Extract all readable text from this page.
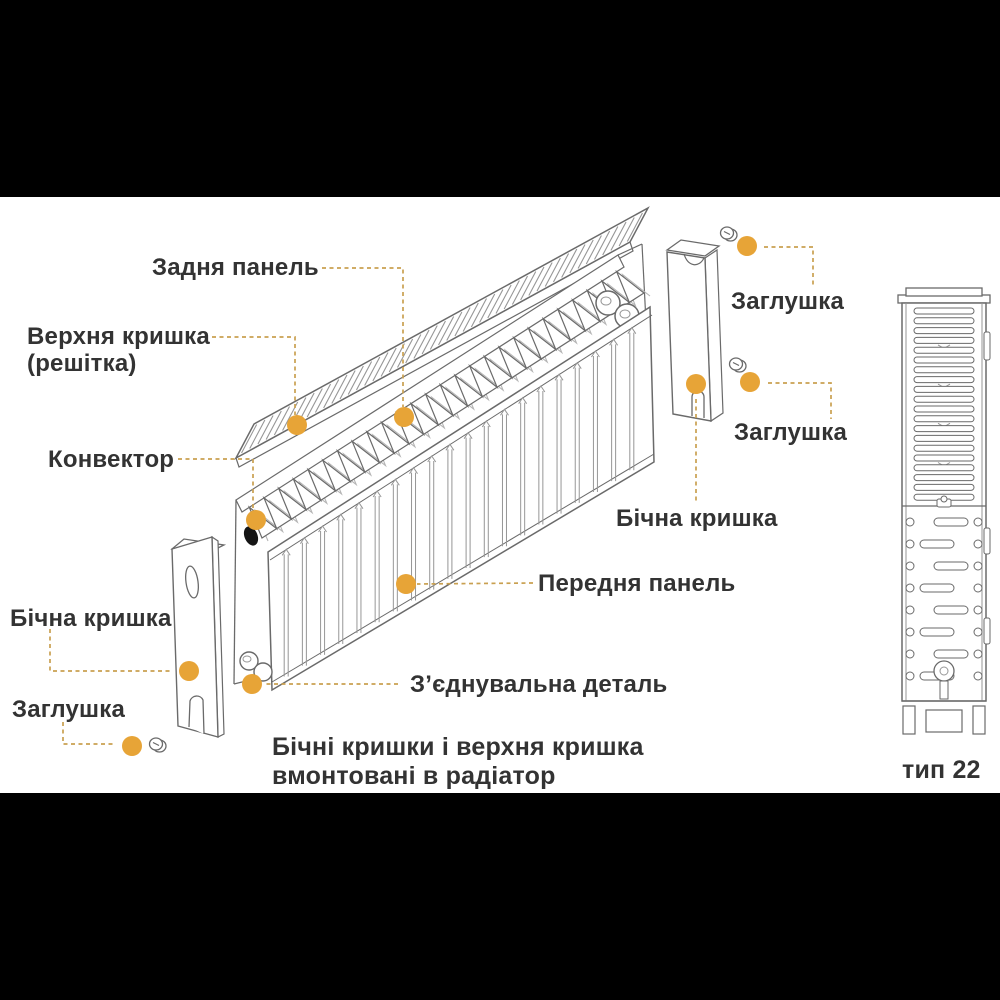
Задня панель
Верхня кришка
(решітка)
Конвектор
Бічна кришка
Заглушка
Передня панель
З’єднувальна деталь
Бічна кришка
Заглушка
Заглушка
Бічні кришки і верхня кришка
вмонтовані в радіатор	тип 22
